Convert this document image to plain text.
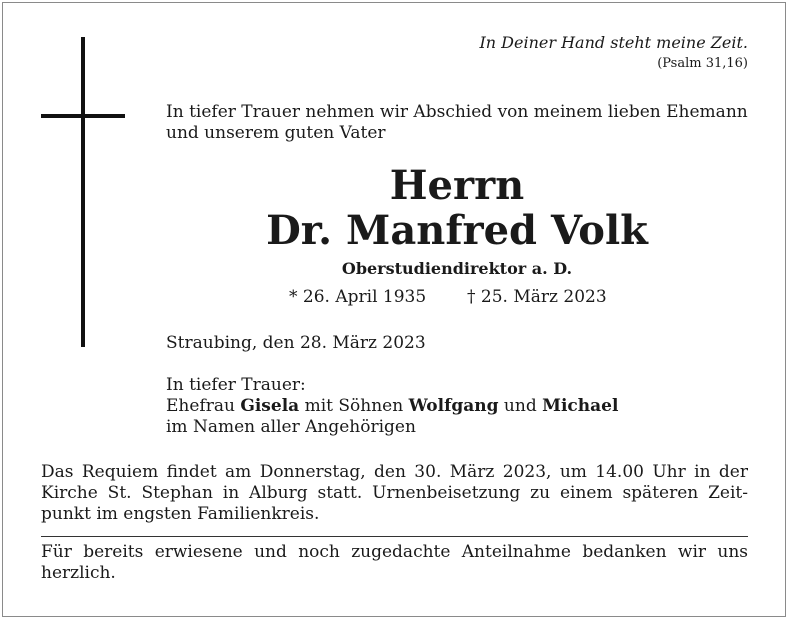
In Deiner Hand steht meine Zeit.
(Psalm 31,16)
In tiefer Trauer nehmen wir Abschied von meinem lieben Ehemann
und unserem guten Vater
Herrn
Dr. Manfred Volk
Oberstudiendirektor a. D.
* 26. April 1935 † 25. März 2023
Straubing, den 28. März 2023
In tiefer Trauer:
Ehefrau Gisela mit Söhnen Wolfgang und Michael
im Namen aller Angehörigen
Das Requiem findet am Donnerstag, den 30. März 2023, um 14.00 Uhr in der
Kirche St. Stephan in Alburg statt. Urnenbeisetzung zu einem späteren Zeit-
punkt im engsten Familienkreis.
Für bereits erwiesene und noch zugedachte Anteilnahme bedanken wir uns
herzlich.
